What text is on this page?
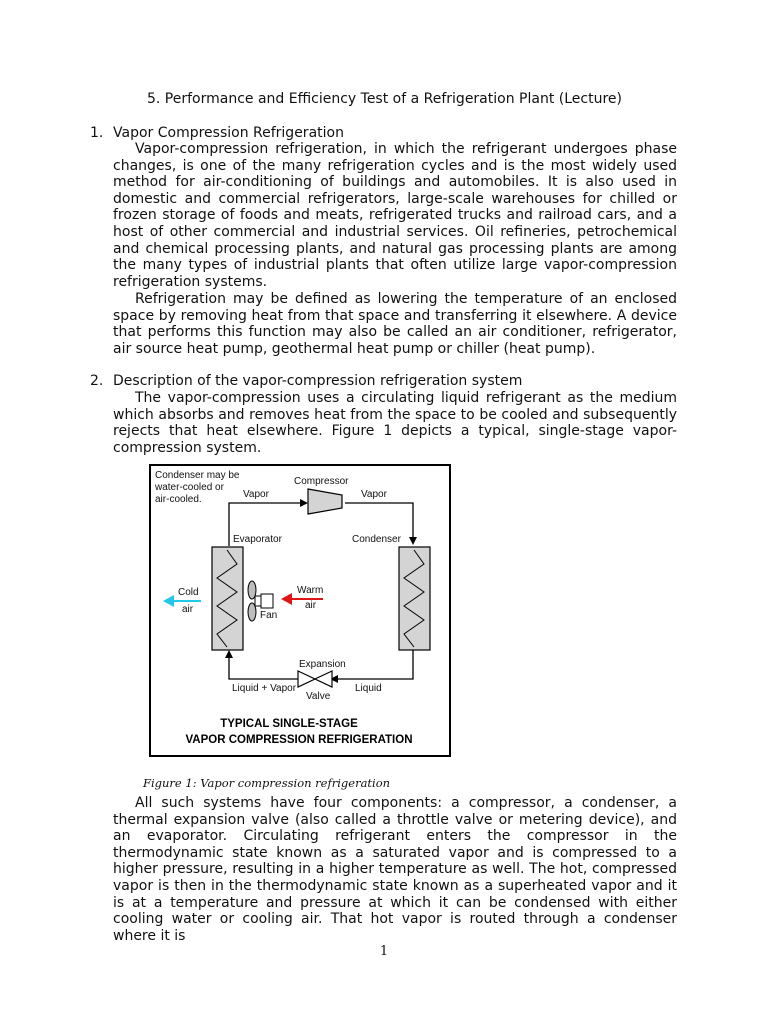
5. Performance and Efficiency Test of a Refrigeration Plant (Lecture)
1. Vapor Compression Refrigeration

Vapor-compression refrigeration, in which the refrigerant undergoes phase changes, is one of the many refrigeration cycles and is the most widely used method for air-conditioning of buildings and automobiles. It is also used in domestic and commercial refrigerators, large-scale warehouses for chilled or frozen storage of foods and meats, refrigerated trucks and railroad cars, and a host of other commercial and industrial services. Oil refineries, petrochemical and chemical processing plants, and natural gas processing plants are among the many types of industrial plants that often utilize large vapor-compression refrigeration systems.

Refrigeration may be defined as lowering the temperature of an enclosed space by removing heat from that space and transferring it elsewhere. A device that performs this function may also be called an air conditioner, refrigerator, air source heat pump, geothermal heat pump or chiller (heat pump).

2. Description of the vapor-compression refrigeration system

The vapor-compression uses a circulating liquid refrigerant as the medium which absorbs and removes heat from the space to be cooled and subsequently rejects that heat elsewhere. Figure 1 depicts a typical, single-stage vapor-compression system.

Condenser may be
water-cooled or
air-cooled.
Compressor
Vapor	Vapor
Evaporator	Condenser
Cold
air
Fan
Warm
air
Expansion
Valve
Liquid + Vapor	Liquid
TYPICAL SINGLE-STAGE
VAPOR COMPRESSION REFRIGERATION
Figure 1: Vapor compression refrigeration

All such systems have four components: a compressor, a condenser, a thermal expansion valve (also called a throttle valve or metering device), and an evaporator. Circulating refrigerant enters the compressor in the thermodynamic state known as a saturated vapor and is compressed to a higher pressure, resulting in a higher temperature as well. The hot, compressed vapor is then in the thermodynamic state known as a superheated vapor and it is at a temperature and pressure at which it can be condensed with either cooling water or cooling air. That hot vapor is routed through a condenser where it is

1
